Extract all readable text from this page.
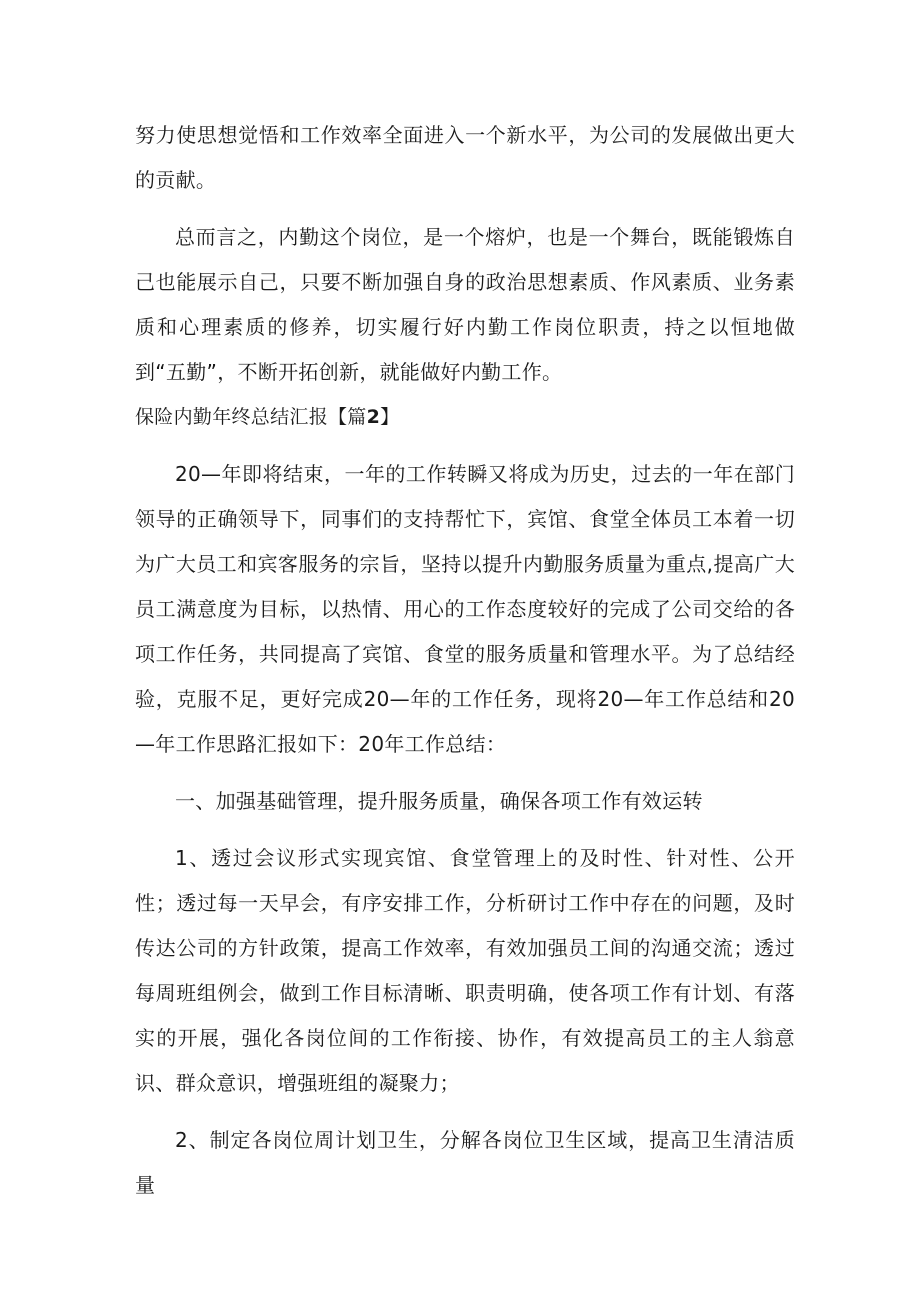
努力使思想觉悟和工作效率全面进入一个新水平，为公司的发展做出更大的贡献。

总而言之，内勤这个岗位，是一个熔炉，也是一个舞台，既能锻炼自己也能展示自己，只要不断加强自身的政治思想素质、作风素质、业务素质和心理素质的修养，切实履行好内勤工作岗位职责，持之以恒地做到“五勤”，不断开拓创新，就能做好内勤工作。

保险内勤年终总结汇报【篇2】

20—年即将结束，一年的工作转瞬又将成为历史，过去的一年在部门领导的正确领导下，同事们的支持帮忙下，宾馆、食堂全体员工本着一切为广大员工和宾客服务的宗旨，坚持以提升内勤服务质量为重点,提高广大员工满意度为目标，以热情、用心的工作态度较好的完成了公司交给的各项工作任务，共同提高了宾馆、食堂的服务质量和管理水平。为了总结经验，克服不足，更好完成20—年的工作任务，现将20—年工作总结和20—年工作思路汇报如下：20年工作总结：

一、加强基础管理，提升服务质量，确保各项工作有效运转

1、透过会议形式实现宾馆、食堂管理上的及时性、针对性、公开性；透过每一天早会，有序安排工作，分析研讨工作中存在的问题，及时传达公司的方针政策，提高工作效率，有效加强员工间的沟通交流；透过每周班组例会，做到工作目标清晰、职责明确，使各项工作有计划、有落实的开展，强化各岗位间的工作衔接、协作，有效提高员工的主人翁意识、群众意识，增强班组的凝聚力；

2、制定各岗位周计划卫生，分解各岗位卫生区域，提高卫生清洁质量
